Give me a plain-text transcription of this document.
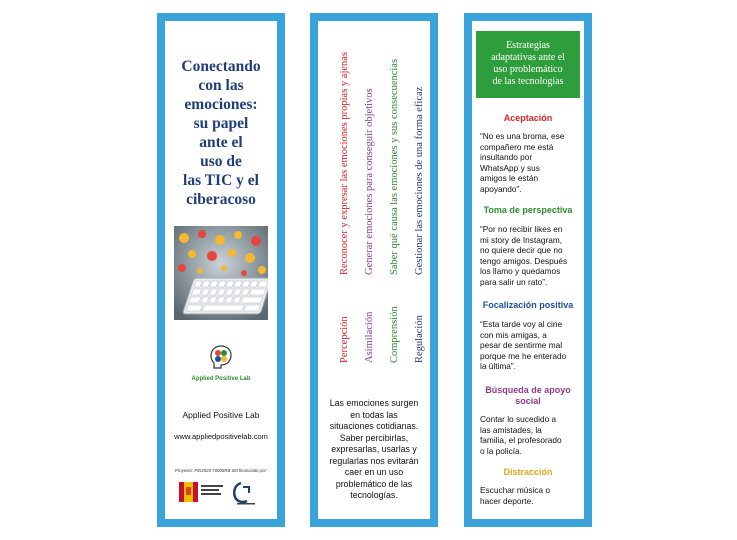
Conectando
con las
emociones:
su papel
ante el
uso de
las TIC y el
ciberacoso
Applied Positive Lab
Applied Positive Lab
www.appliedpositivelab.com
Proyecto: PID2020-70008RB-I00 financiado por:
PercepciónReconocer y expresar las emociones propias y ajenas
AsimilaciónGenerar emociones para conseguir objetivos
ComprensiónSaber qué causa las emociones y sus consecuencias
RegulaciónGestionar las emociones de una forma eficaz
Las emociones surgen
en todas las
situaciones cotidianas.
Saber percibirlas,
expresarlas, usarlas y
regularlas nos evitarán
caer en un uso
problemático de las
tecnologías.
Estrategias
adaptativas ante el
uso problemático
de las tecnologías
Aceptación
“No es una broma, ese
compañero me está
insultando por
WhatsApp y sus
amigos le están
apoyando”.
Toma de perspectiva
“Por no recibir likes en
mi story de Instagram,
no quiere decir que no
tengo amigos. Después
los llamo y quedamos
para salir un rato”.
Focalización positiva
“Esta tarde voy al cine
con mis amigas, a
pesar de sentirme mal
porque me he enterado
la última”.
Búsqueda de apoyo
social
Contar lo sucedido a
las amistades, la
familia, el profesorado
o la policía.
Distracción
Escuchar música o
hacer deporte.
